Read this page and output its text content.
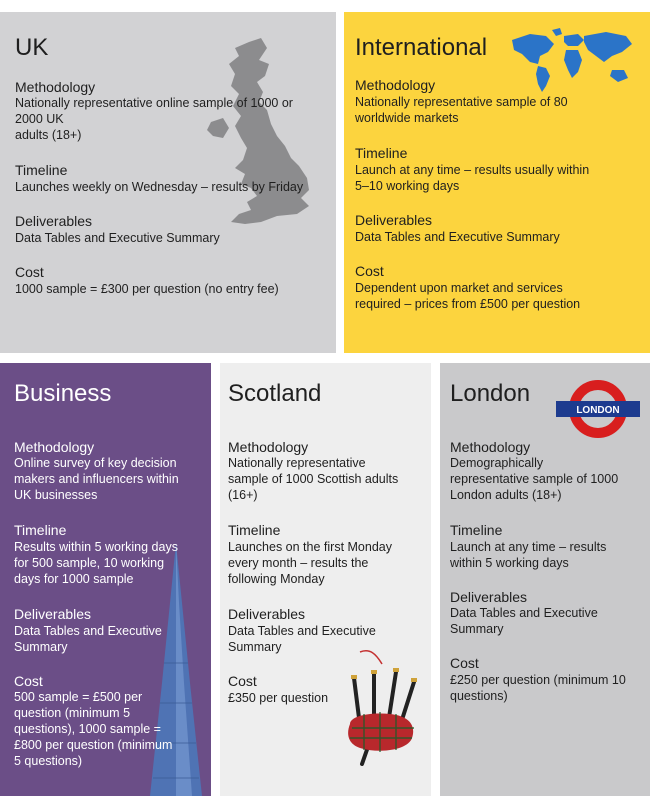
UK
Methodology
Nationally representative online sample of 1000 or
2000 UK
adults (18+)
Timeline
Launches weekly on Wednesday – results by Friday
Deliverables
Data Tables and Executive Summary
Cost
1000 sample = £300 per question (no entry fee)
International
Methodology
Nationally representative sample of 80
worldwide markets
Timeline
Launch at any time – results usually within
5–10 working days
Deliverables
Data Tables and Executive Summary
Cost
Dependent upon market and services
required – prices from £500 per question
Business
Methodology
Online survey of key decision
makers and influencers within
UK businesses
Timeline
Results within 5 working days
for 500 sample, 10 working
days for 1000 sample
Deliverables
Data Tables and Executive
Summary
Cost
500 sample = £500 per
question (minimum 5
questions), 1000 sample =
£800 per question (minimum
5 questions)
Scotland
Methodology
Nationally representative
sample of 1000 Scottish adults
(16+)
Timeline
Launches on the first Monday
every month – results the
following Monday
Deliverables
Data Tables and Executive
Summary
Cost
£350 per question
LONDON
London
Methodology
Demographically
representative sample of 1000
London adults (18+)
Timeline
Launch at any time – results
within 5 working days
Deliverables
Data Tables and Executive
Summary
Cost
£250 per question (minimum 10
questions)
